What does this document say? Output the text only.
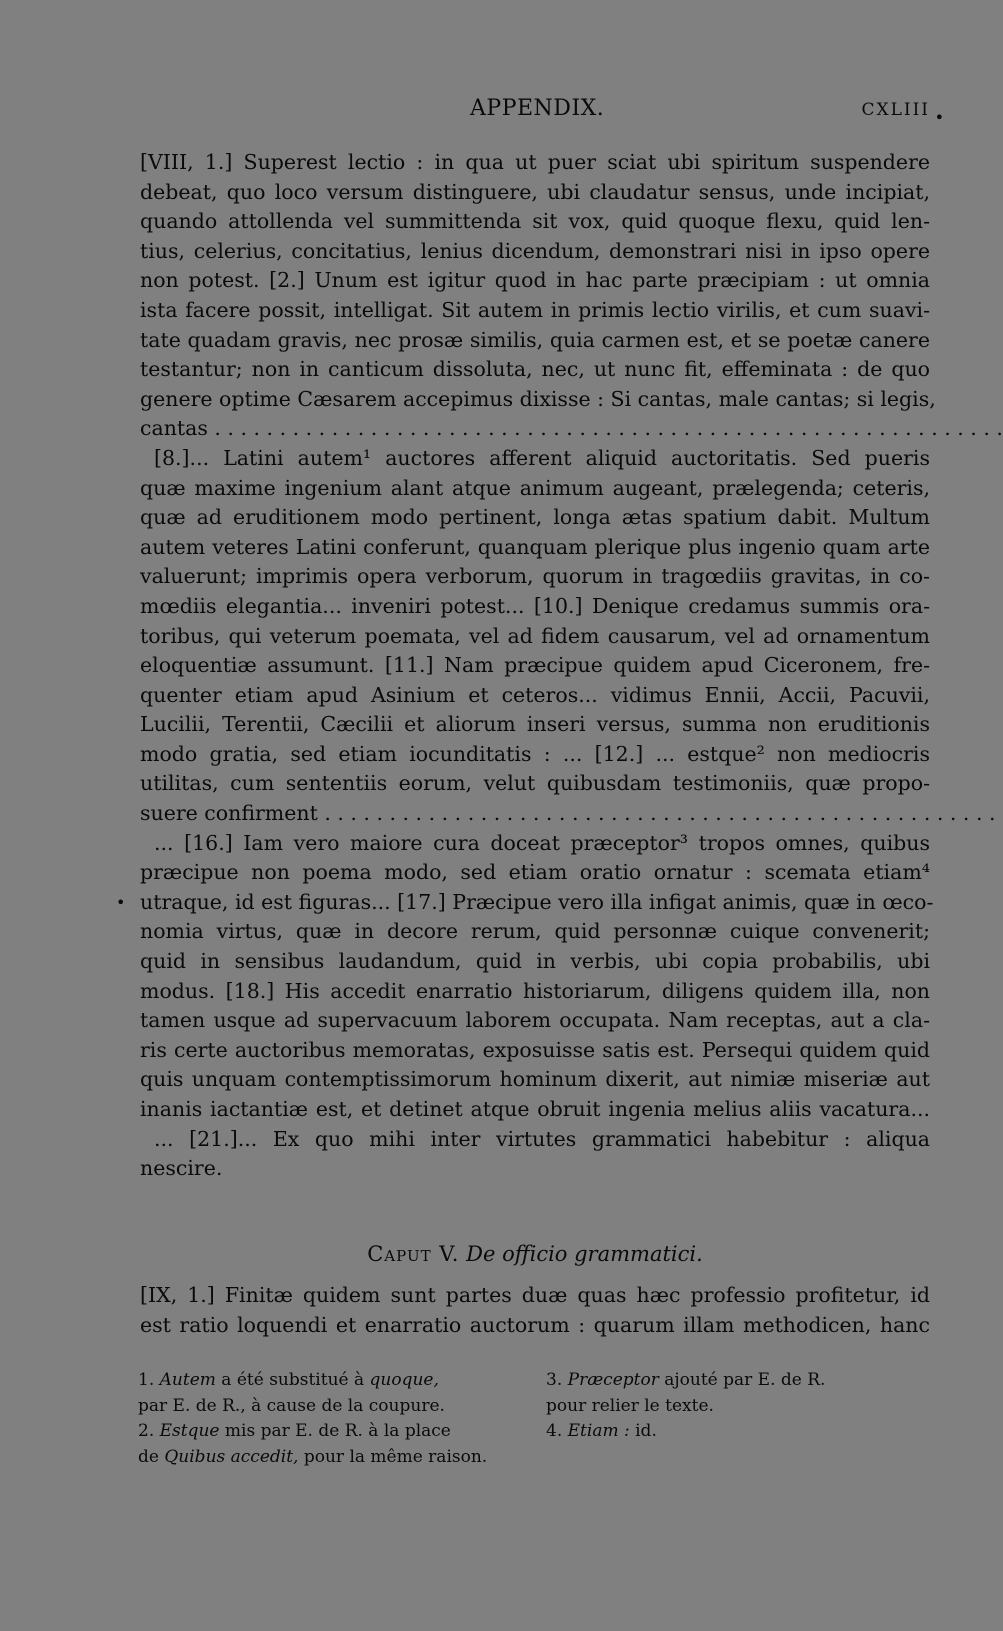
APPENDIX.	CXLIII •
[VIII, 1.] Superest lectio : in qua ut puer sciat ubi spiritum suspendere
debeat, quo loco versum distinguere, ubi claudatur sensus, unde incipiat,
quando attollenda vel summittenda sit vox, quid quoque flexu, quid len-
tius, celerius, concitatius, lenius dicendum, demonstrari nisi in ipso opere
non potest. [2.] Unum est igitur quod in hac parte præcipiam : ut omnia
ista facere possit, intelligat. Sit autem in primis lectio virilis, et cum suavi-
tate quadam gravis, nec prosæ similis, quia carmen est, et se poetæ canere
testantur; non in canticum dissoluta, nec, ut nunc fit, effeminata : de quo
genere optime Cæsarem accepimus dixisse : Si cantas, male cantas; si legis,
cantas . . . . . . . . . . . . . . . . . . . . . . . . . . . . . . . . . . . . . . . . . . . . . . . . . . . . . . . . . . . . .
[8.]... Latini autem¹ auctores afferent aliquid auctoritatis. Sed pueris
quæ maxime ingenium alant atque animum augeant, prælegenda; ceteris,
quæ ad eruditionem modo pertinent, longa ætas spatium dabit. Multum
autem veteres Latini conferunt, quanquam plerique plus ingenio quam arte
valuerunt; imprimis opera verborum, quorum in tragœdiis gravitas, in co-
mœdiis elegantia... inveniri potest... [10.] Denique credamus summis ora-
toribus, qui veterum poemata, vel ad fidem causarum, vel ad ornamentum
eloquentiæ assumunt. [11.] Nam præcipue quidem apud Ciceronem, fre-
quenter etiam apud Asinium et ceteros... vidimus Ennii, Accii, Pacuvii,
Lucilii, Terentii, Cæcilii et aliorum inseri versus, summa non eruditionis
modo gratia, sed etiam iocunditatis : ... [12.] ... estque² non mediocris
utilitas, cum sententiis eorum, velut quibusdam testimoniis, quæ propo-
suere confirment . . . . . . . . . . . . . . . . . . . . . . . . . . . . . . . . . . . . . . . . . . . . . . . . . . . .
... [16.] Iam vero maiore cura doceat præceptor³ tropos omnes, quibus
præcipue non poema modo, sed etiam oratio ornatur : scemata etiam⁴
• utraque, id est figuras... [17.] Præcipue vero illa infigat animis, quæ in œco-
nomia virtus, quæ in decore rerum, quid personnæ cuique convenerit;
quid in sensibus laudandum, quid in verbis, ubi copia probabilis, ubi
modus. [18.] His accedit enarratio historiarum, diligens quidem illa, non
tamen usque ad supervacuum laborem occupata. Nam receptas, aut a cla-
ris certe auctoribus memoratas, exposuisse satis est. Persequi quidem quid
quis unquam contemptissimorum hominum dixerit, aut nimiæ miseriæ aut
inanis iactantiæ est, et detinet atque obruit ingenia melius aliis vacatura...
... [21.]... Ex quo mihi inter virtutes grammatici habebitur : aliqua
nescire.
Caput V. De officio grammatici.
[IX, 1.] Finitæ quidem sunt partes duæ quas hæc professio profitetur, id
est ratio loquendi et enarratio auctorum : quarum illam methodicen, hanc
1. Autem a été substitué à quoque,
par E. de R., à cause de la coupure.
2. Estque mis par E. de R. à la place
de Quibus accedit, pour la même raison.
3. Præceptor ajouté par E. de R.
pour relier le texte.
4. Etiam : id.
